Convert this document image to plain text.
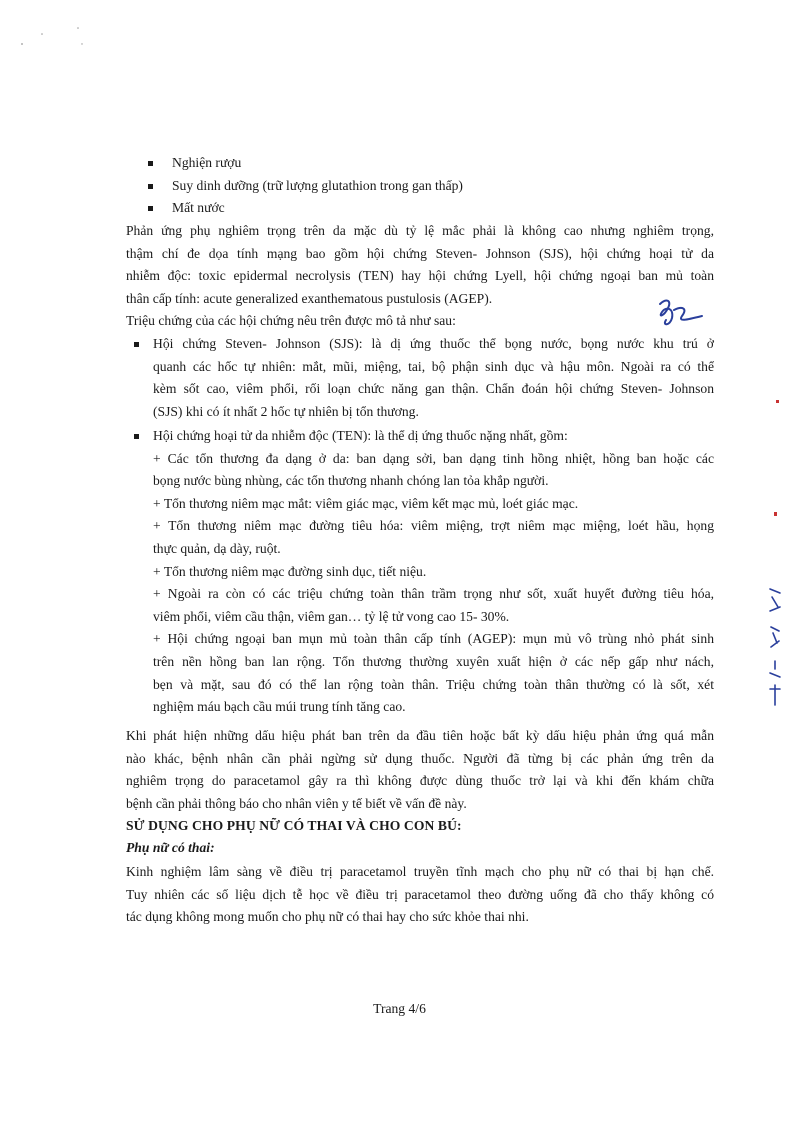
Nghiện rượu
Suy dinh dưỡng (trữ lượng glutathion trong gan thấp)
Mất nước
Phản ứng phụ nghiêm trọng trên da mặc dù tỷ lệ mắc phải là không cao nhưng nghiêm trọng,
thậm chí đe dọa tính mạng bao gồm hội chứng Steven- Johnson (SJS), hội chứng hoại tử da
nhiễm độc: toxic epidermal necrolysis (TEN) hay hội chứng Lyell, hội chứng ngoại ban mủ toàn
thân cấp tính: acute generalized exanthematous pustulosis (AGEP).
Triệu chứng của các hội chứng nêu trên được mô tả như sau:
Hội chứng Steven- Johnson (SJS): là dị ứng thuốc thể bọng nước, bọng nước khu trú ở
quanh các hốc tự nhiên: mắt, mũi, miệng, tai, bộ phận sinh dục và hậu môn. Ngoài ra có thể
kèm sốt cao, viêm phổi, rối loạn chức năng gan thận. Chẩn đoán hội chứng Steven- Johnson
(SJS) khi có ít nhất 2 hốc tự nhiên bị tổn thương.
Hội chứng hoại tử da nhiễm độc (TEN): là thể dị ứng thuốc nặng nhất, gồm:
+ Các tổn thương đa dạng ở da: ban dạng sởi, ban dạng tinh hồng nhiệt, hồng ban hoặc các
bọng nước bùng nhùng, các tổn thương nhanh chóng lan tỏa khắp người.
+ Tổn thương niêm mạc mắt: viêm giác mạc, viêm kết mạc mủ, loét giác mạc.
+ Tổn thương niêm mạc đường tiêu hóa: viêm miệng, trợt niêm mạc miệng, loét hầu, họng
thực quản, dạ dày, ruột.
+ Tổn thương niêm mạc đường sinh dục, tiết niệu.
+ Ngoài ra còn có các triệu chứng toàn thân trầm trọng như sốt, xuất huyết đường tiêu hóa,
viêm phổi, viêm cầu thận, viêm gan… tỷ lệ tử vong cao 15- 30%.
+ Hội chứng ngoại ban mụn mủ toàn thân cấp tính (AGEP): mụn mủ vô trùng nhỏ phát sinh
trên nền hồng ban lan rộng. Tổn thương thường xuyên xuất hiện ở các nếp gấp như nách,
bẹn và mặt, sau đó có thể lan rộng toàn thân. Triệu chứng toàn thân thường có là sốt, xét
nghiệm máu bạch cầu múi trung tính tăng cao.
Khi phát hiện những dấu hiệu phát ban trên da đầu tiên hoặc bất kỳ dấu hiệu phản ứng quá mẫn
nào khác, bệnh nhân cần phải ngừng sử dụng thuốc. Người đã từng bị các phản ứng trên da
nghiêm trọng do paracetamol gây ra thì không được dùng thuốc trở lại và khi đến khám chữa
bệnh cần phải thông báo cho nhân viên y tế biết về vấn đề này.
SỬ DỤNG CHO PHỤ NỮ CÓ THAI VÀ CHO CON BÚ:
Phụ nữ có thai:
Kinh nghiệm lâm sàng về điều trị paracetamol truyền tĩnh mạch cho phụ nữ có thai bị hạn chế.
Tuy nhiên các số liệu dịch tễ học về điều trị paracetamol theo đường uống đã cho thấy không có
tác dụng không mong muốn cho phụ nữ có thai hay cho sức khỏe thai nhi.
Trang 4/6
